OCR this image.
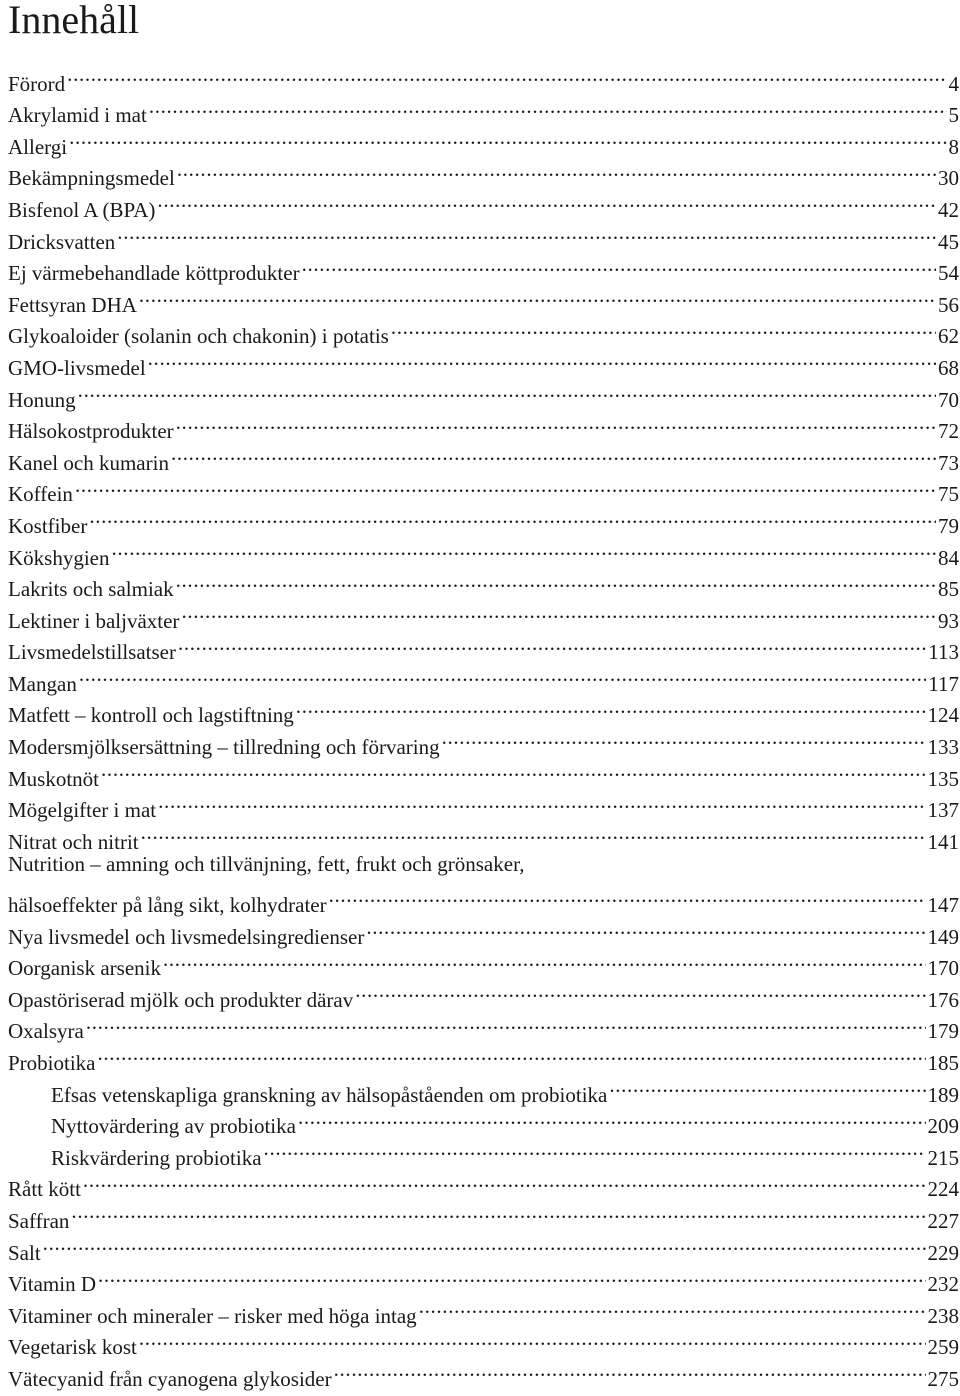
Innehåll
Förord . . .	4
Akrylamid i mat . . .	5
Allergi . . .	8
Bekämpningsmedel . . .	30
Bisfenol A (BPA) . . .	42
Dricksvatten . . .	45
Ej värmebehandlade köttprodukter . . .	54
Fettsyran DHA . . .	56
Glykoaloider (solanin och chakonin) i potatis . . .	62
GMO-livsmedel . . .	68
Honung . . .	70
Hälsokostprodukter . . .	72
Kanel och kumarin . . .	73
Koffein . . .	75
Kostfiber . . .	79
Kökshygien . . .	84
Lakrits och salmiak . . .	85
Lektiner i baljväxter . . .	93
Livsmedelstillsatser . . .	113
Mangan . . .	117
Matfett – kontroll och lagstiftning . . .	124
Modersmjölksersättning – tillredning och förvaring . . .	133
Muskotnöt . . .	135
Mögelgifter i mat . . .	137
Nitrat och nitrit . . .	141
Nutrition – amning och tillvänjning, fett, frukt och grönsaker,
hälsoeffekter på lång sikt, kolhydrater . . .	147
Nya livsmedel och livsmedelsingredienser . . .	149
Oorganisk arsenik . . .	170
Opastöriserad mjölk och produkter därav . . .	176
Oxalsyra . . .	179
Probiotika . . .	185
Efsas vetenskapliga granskning av hälsopåståenden om probiotika . . .	189
Nyttovärdering av probiotika . . .	209
Riskvärdering probiotika . . .	215
Rått kött . . .	224
Saffran . . .	227
Salt . . .	229
Vitamin D . . .	232
Vitaminer och mineraler – risker med höga intag . . .	238
Vegetarisk kost . . .	259
Vätecyanid från cyanogena glykosider . . .	275
